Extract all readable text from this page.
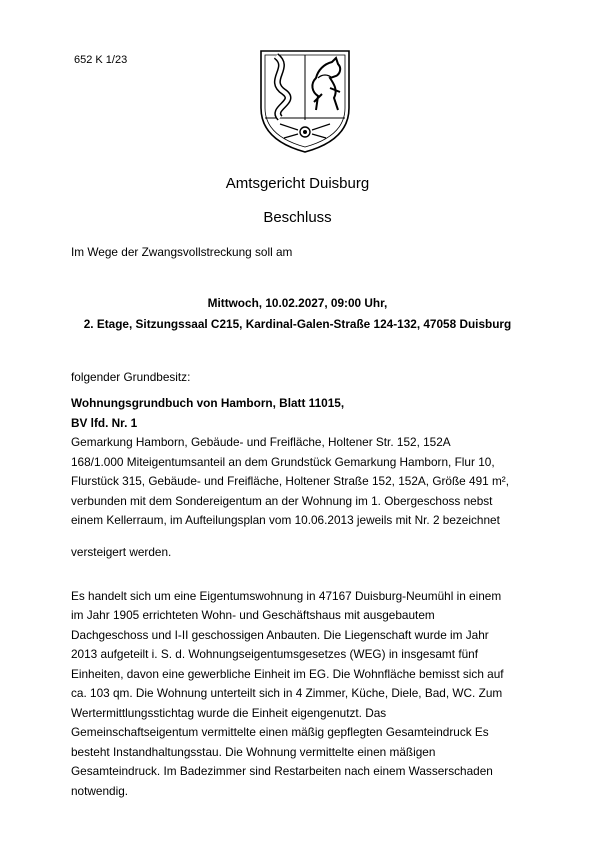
652 K 1/23
Amtsgericht Duisburg
Beschluss
Im Wege der Zwangsvollstreckung soll am
Mittwoch, 10.02.2027, 09:00 Uhr,
2. Etage, Sitzungssaal C215, Kardinal-Galen-Straße 124-132, 47058 Duisburg
folgender Grundbesitz:
Wohnungsgrundbuch von Hamborn, Blatt 11015,
BV lfd. Nr. 1
Gemarkung Hamborn, Gebäude- und Freifläche, Holtener Str. 152, 152A
168/1.000 Miteigentumsanteil an dem Grundstück Gemarkung Hamborn, Flur 10,
Flurstück 315, Gebäude- und Freifläche, Holtener Straße 152, 152A, Größe 491 m²,
verbunden mit dem Sondereigentum an der Wohnung im 1. Obergeschoss nebst
einem Kellerraum, im Aufteilungsplan vom 10.06.2013 jeweils mit Nr. 2 bezeichnet
versteigert werden.
Es handelt sich um eine Eigentumswohnung in 47167 Duisburg-Neumühl in einem
im Jahr 1905 errichteten Wohn- und Geschäftshaus mit ausgebautem
Dachgeschoss und I-II geschossigen Anbauten. Die Liegenschaft wurde im Jahr
2013 aufgeteilt i. S. d. Wohnungseigentumsgesetzes (WEG) in insgesamt fünf
Einheiten, davon eine gewerbliche Einheit im EG. Die Wohnfläche bemisst sich auf
ca. 103 qm. Die Wohnung unterteilt sich in 4 Zimmer, Küche, Diele, Bad, WC. Zum
Wertermittlungsstichtag wurde die Einheit eigengenutzt. Das
Gemeinschaftseigentum vermittelte einen mäßig gepflegten Gesamteindruck Es
besteht Instandhaltungsstau. Die Wohnung vermittelte einen mäßigen
Gesamteindruck. Im Badezimmer sind Restarbeiten nach einem Wasserschaden
notwendig.
